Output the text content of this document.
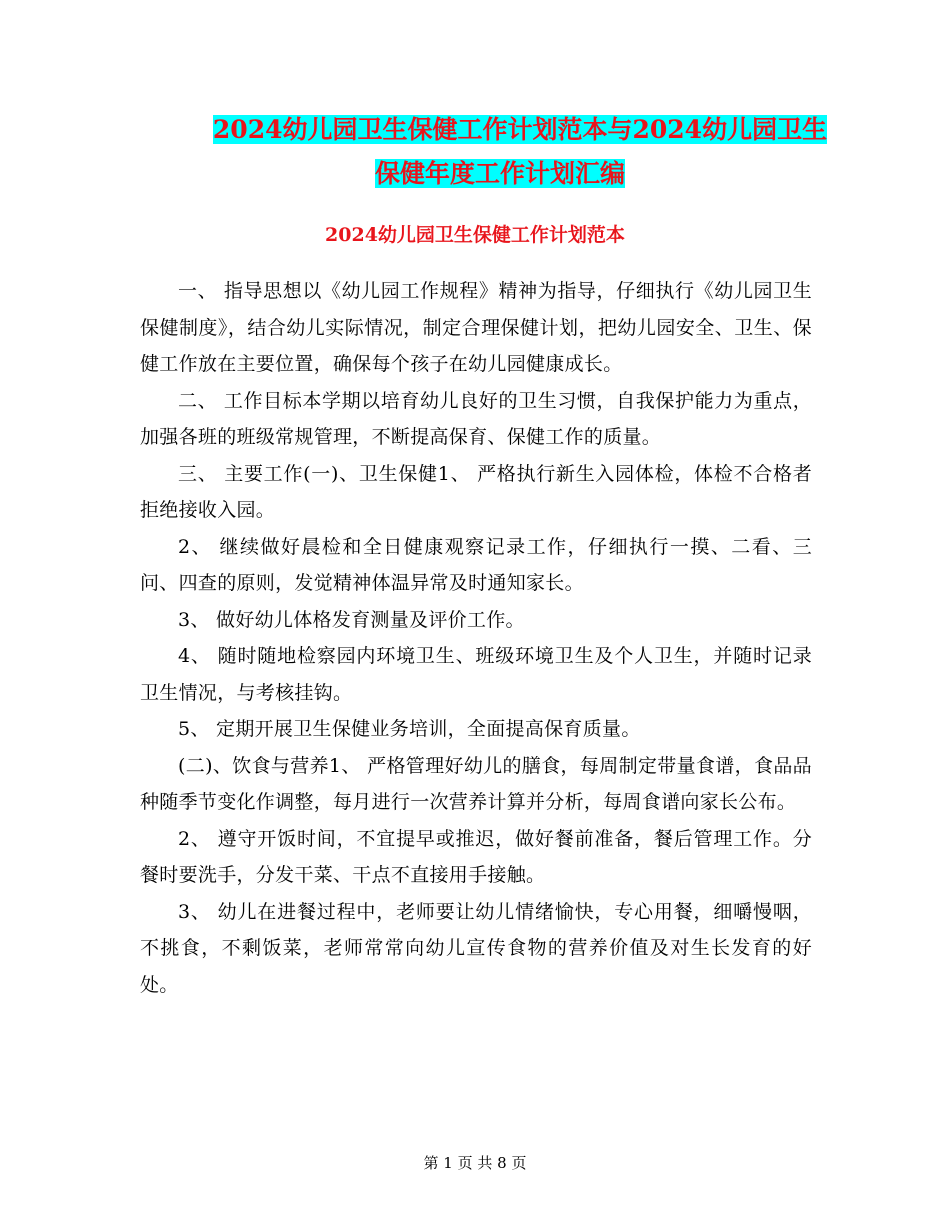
2024幼儿园卫生保健工作计划范本与2024幼儿园卫生
保健年度工作计划汇编
2024幼儿园卫生保健工作计划范本

一、 指导思想以《幼儿园工作规程》精神为指导，仔细执行《幼儿园卫生保健制度》，结合幼儿实际情况，制定合理保健计划，把幼儿园安全、卫生、保健工作放在主要位置，确保每个孩子在幼儿园健康成长。

二、 工作目标本学期以培育幼儿良好的卫生习惯，自我保护能力为重点，加强各班的班级常规管理，不断提高保育、保健工作的质量。

三、 主要工作(一)、卫生保健1、 严格执行新生入园体检，体检不合格者拒绝接收入园。

2、 继续做好晨检和全日健康观察记录工作，仔细执行一摸、二看、三问、四查的原则，发觉精神体温异常及时通知家长。

3、 做好幼儿体格发育测量及评价工作。

4、 随时随地检察园内环境卫生、班级环境卫生及个人卫生，并随时记录卫生情况，与考核挂钩。

5、 定期开展卫生保健业务培训，全面提高保育质量。

(二)、饮食与营养1、 严格管理好幼儿的膳食，每周制定带量食谱，食品品种随季节变化作调整，每月进行一次营养计算并分析，每周食谱向家长公布。

2、 遵守开饭时间，不宜提早或推迟，做好餐前准备，餐后管理工作。分餐时要洗手，分发干菜、干点不直接用手接触。

3、 幼儿在进餐过程中，老师要让幼儿情绪愉快，专心用餐，细嚼慢咽，不挑食，不剩饭菜，老师常常向幼儿宣传食物的营养价值及对生长发育的好处。

第 1 页 共 8 页
